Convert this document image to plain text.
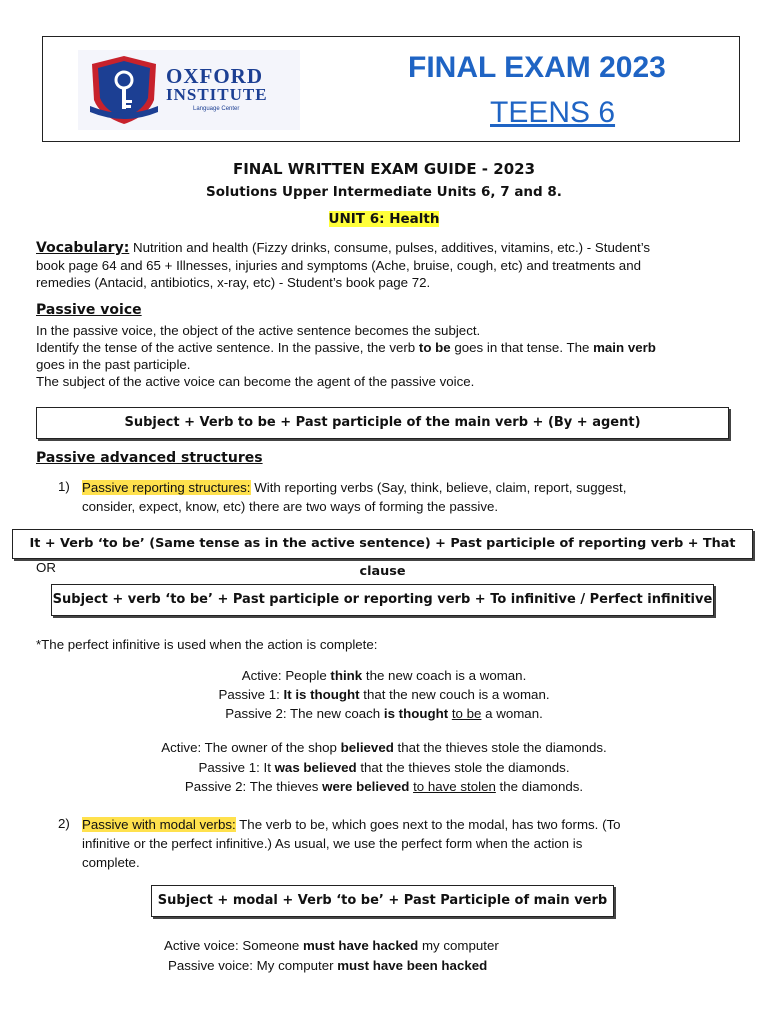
OXFORD
INSTITUTE
Language Center
FINAL EXAM 2023
TEENS 6
FINAL WRITTEN EXAM GUIDE - 2023
Solutions Upper Intermediate Units 6, 7 and 8.
UNIT 6: Health
Vocabulary: Nutrition and health (Fizzy drinks, consume, pulses, additives, vitamins, etc.) - Student’s
book page 64 and 65 + Illnesses, injuries and symptoms (Ache, bruise, cough, etc) and treatments and
remedies (Antacid, antibiotics, x-ray, etc) - Student’s book page 72.
Passive voice
In the passive voice, the object of the active sentence becomes the subject.
Identify the tense of the active sentence. In the passive, the verb to be goes in that tense. The main verb
goes in the past participle.
The subject of the active voice can become the agent of the passive voice.
Subject + Verb to be + Past participle of the main verb + (By + agent)
Passive advanced structures
1) Passive reporting structures: With reporting verbs (Say, think, believe, claim, report, suggest,
consider, expect, know, etc) there are two ways of forming the passive.
It + Verb ‘to be’ (Same tense as in the active sentence) + Past participle of reporting verb + That clause
OR
Subject + verb ‘to be’ + Past participle or reporting verb + To infinitive / Perfect infinitive
*The perfect infinitive is used when the action is complete:
Active: People think the new coach is a woman.
Passive 1: It is thought that the new couch is a woman.
Passive 2: The new coach is thought to be a woman.
Active: The owner of the shop believed that the thieves stole the diamonds.
Passive 1: It was believed that the thieves stole the diamonds.
Passive 2: The thieves were believed to have stolen the diamonds.
2) Passive with modal verbs: The verb to be, which goes next to the modal, has two forms. (To
infinitive or the perfect infinitive.) As usual, we use the perfect form when the action is
complete.
Subject + modal + Verb ‘to be’ + Past Participle of main verb
Active voice: Someone must have hacked my computer
Passive voice: My computer must have been hacked
